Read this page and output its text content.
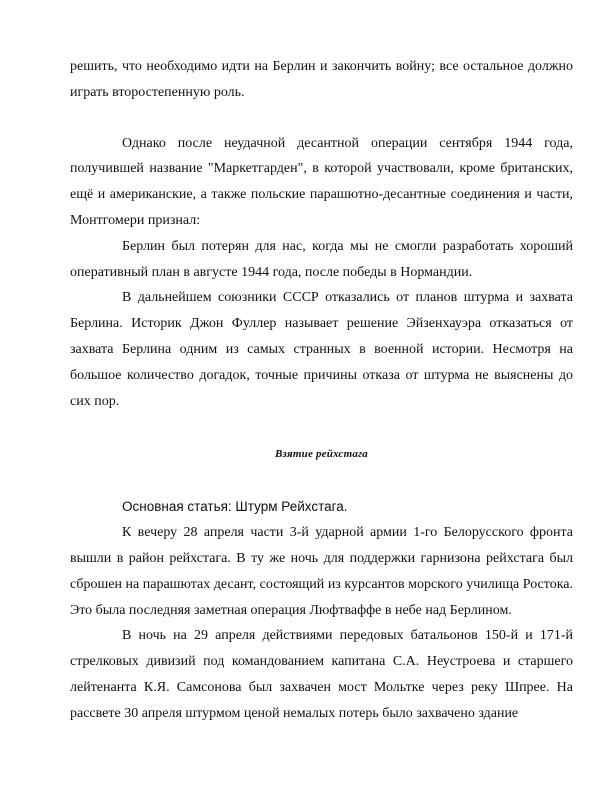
решить, что необходимо идти на Берлин и закончить войну; все остальное должно играть второстепенную роль.

Однако после неудачной десантной операции сентября 1944 года, получившей название "Маркетгарден", в которой участвовали, кроме британских, ещё и американские, а также польские парашютно-десантные соединения и части, Монтгомери признал:

Берлин был потерян для нас, когда мы не смогли разработать хороший оперативный план в августе 1944 года, после победы в Нормандии.

В дальнейшем союзники СССР отказались от планов штурма и захвата Берлина. Историк Джон Фуллер называет решение Эйзенхауэра отказаться от захвата Берлина одним из самых странных в военной истории. Несмотря на большое количество догадок, точные причины отказа от штурма не выяснены до сих пор.

Взятие рейхстага

Основная статья: Штурм Рейхстага.

К вечеру 28 апреля части 3-й ударной армии 1-го Белорусского фронта вышли в район рейхстага. В ту же ночь для поддержки гарнизона рейхстага был сброшен на парашютах десант, состоящий из курсантов морского училища Ростока. Это была последняя заметная операция Люфтваффе в небе над Берлином.

В ночь на 29 апреля действиями передовых батальонов 150-й и 171-й стрелковых дивизий под командованием капитана С.А. Неустроева и старшего лейтенанта К.Я. Самсонова был захвачен мост Мольтке через реку Шпрее. На рассвете 30 апреля штурмом ценой немалых потерь было захвачено здание
